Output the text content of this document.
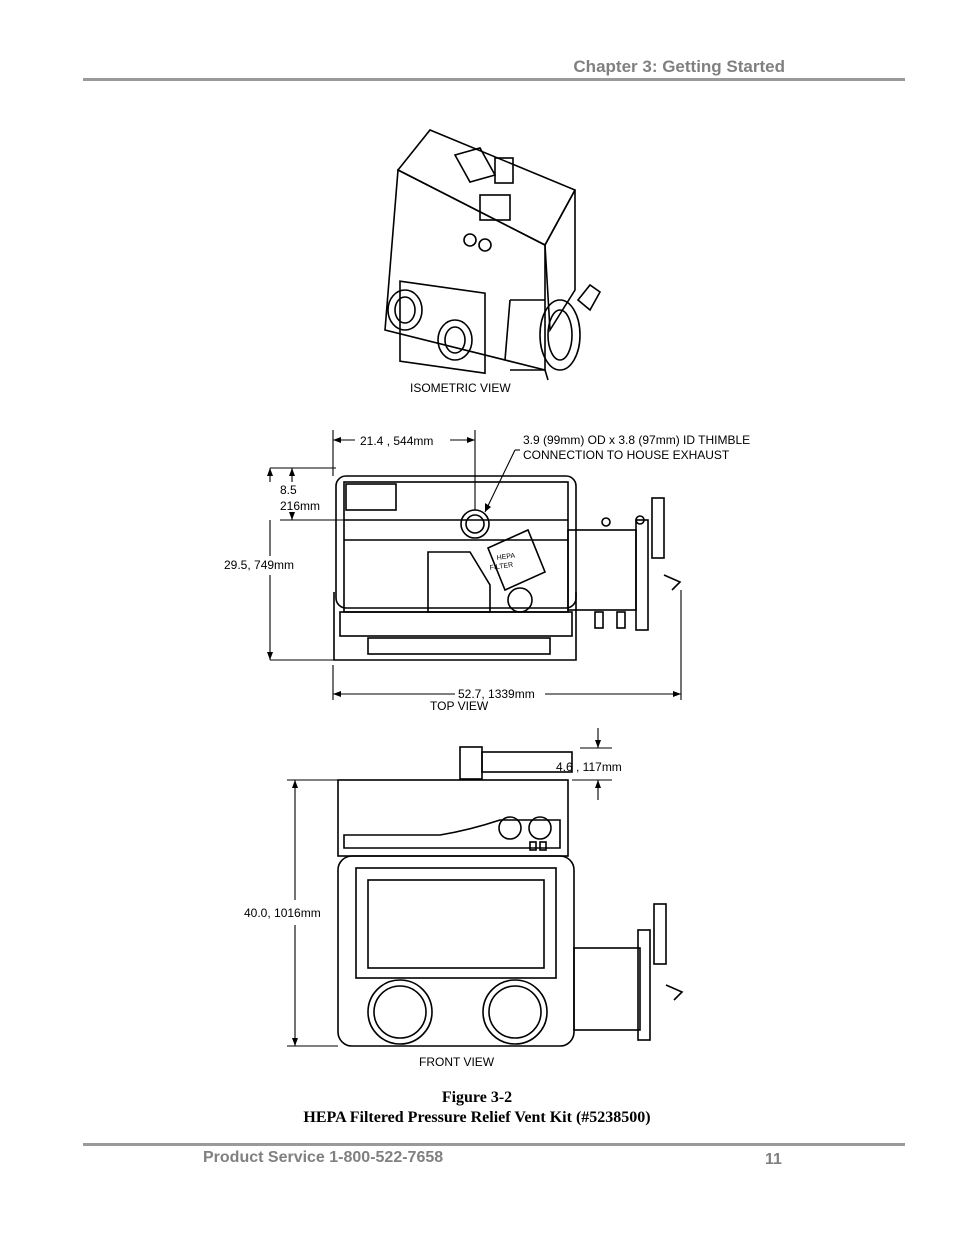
Chapter 3: Getting Started
ISOMETRIC VIEW
21.4 , 544mm	3.9 (99mm) OD x 3.8 (97mm) ID THIMBLE
CONNECTION TO HOUSE EXHAUST
8.5
216mm
29.5, 749mm
HEPA
FILTER
52.7, 1339mm
TOP VIEW
4.6 , 117mm
40.0, 1016mm
FRONT VIEW
Figure 3-2
HEPA Filtered Pressure Relief Vent Kit (#5238500)
Product Service 1-800-522-7658	11
